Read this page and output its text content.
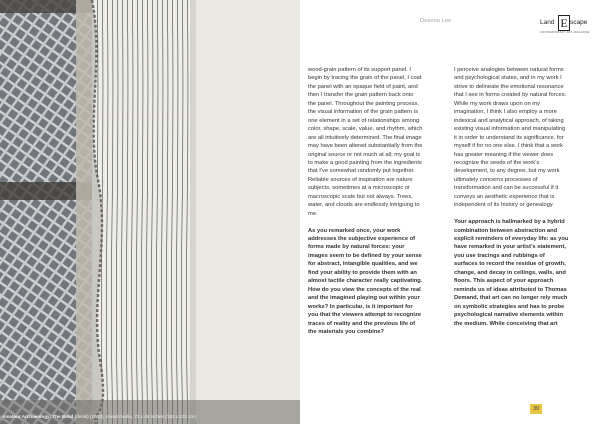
Amateur Archaeology: The Band (detail) (2020), mixed media, 72 x 48 inches (183 x 122 cm)
Deanna Lee	Land E scape
CONTEMPORARY ART MAGAZINE

wood-grain pattern of its support panel. I begin by tracing the grain of the panel, I coat the panel with an opaque field of paint, and then I transfer the grain pattern back onto the panel. Throughout the painting process, the visual information of the grain pattern is one element in a set of relationships among color, shape, scale, value, and rhythm, which are all intuitively determined. The final image may have been altered substantially from the original source or not much at all; my goal is to make a good painting from the ingredients that I’ve somewhat randomly put together. Reliable sources of inspiration are nature subjects, sometimes at a microscopic or macroscopic scale but not always. Trees, water, and clouds are endlessly intriguing to me.

As you remarked once, your work addresses the subjective experience of forms made by natural forces: your images seem to be defined by your sense for abstract, intangible qualities, and we find your ability to provide them with an almost tactile character really captivating. How do you view the concepts of the real and the imagined playing out within your works? In particular, is it important for you that the viewers attempt to recognize traces of reality and the previous life of the materials you combine?

I perceive analogies between natural forms and psychological states, and in my work I strive to delineate the emotional resonance that I see in forms created by natural forces. While my work draws upon on my imagination, I think I also employ a more indexical and analytical approach, of taking existing visual information and manipulating it in order to understand its significance, for myself if for no one else. I think that a work has greater meaning if the viewer does recognize the seeds of the work’s development, to any degree, but my work ultimately concerns processes of transformation and can be successful if it conveys an aesthetic experience that is independent of its history or genealogy.

Your approach is hallmarked by a hybrid combination between abstraction and explicit reminders of everyday life: as you have remarked in your artist’s statement, you use tracings and rubbings of surfaces to record the residue of growth, change, and decay in ceilings, walls, and floors. This aspect of your approach reminds us of ideas attributed to Thomas Demand, that art can no longer rely much on symbolic strategies and has to probe psychological narrative elements within the medium. While conceiving that art

39
